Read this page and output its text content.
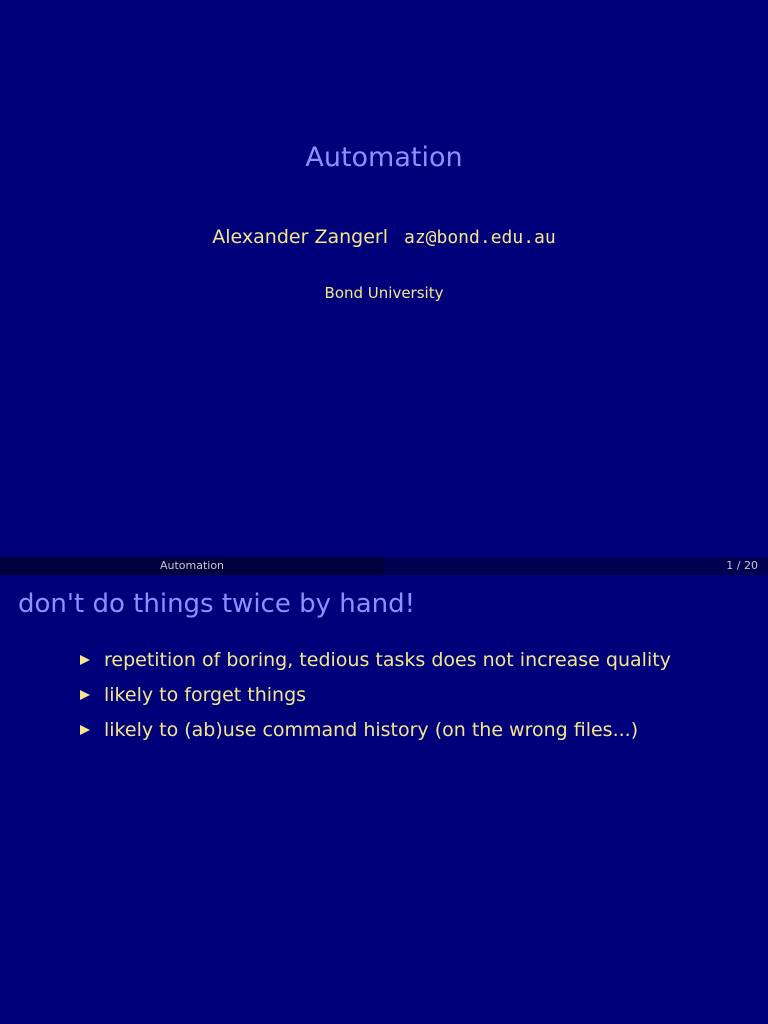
Automation
Alexander Zangerl az@bond.edu.au
Bond University
Automation	1 / 20
don't do things twice by hand!
repetition of boring, tedious tasks does not increase quality
likely to forget things
likely to (ab)use command history (on the wrong files...)
